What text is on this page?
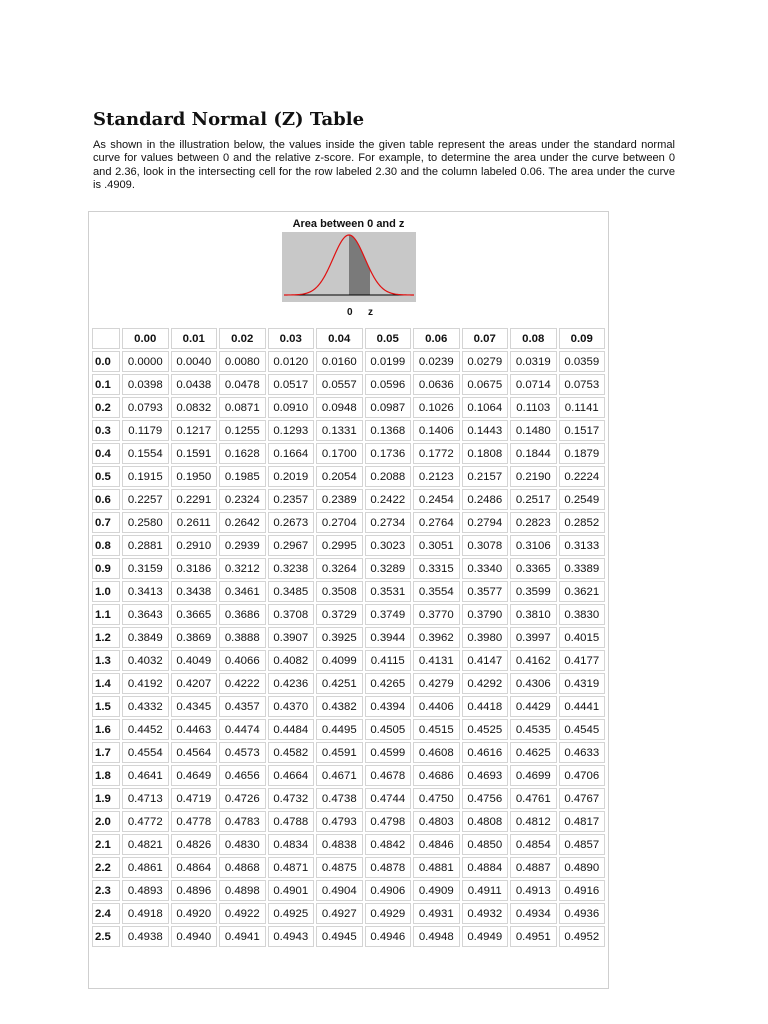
Standard Normal (Z) Table

As shown in the illustration below, the values inside the given table represent the areas under the standard normal curve for values between 0 and the relative z-score. For example, to determine the area under the curve between 0 and 2.36, look in the intersecting cell for the row labeled 2.30 and the column labeled 0.06. The area under the curve is .4909.

Area between 0 and z
0 z
	0.00	0.01	0.02	0.03	0.04	0.05	0.06	0.07	0.08	0.09
0.0	0.0000	0.0040	0.0080	0.0120	0.0160	0.0199	0.0239	0.0279	0.0319	0.0359
0.1	0.0398	0.0438	0.0478	0.0517	0.0557	0.0596	0.0636	0.0675	0.0714	0.0753
0.2	0.0793	0.0832	0.0871	0.0910	0.0948	0.0987	0.1026	0.1064	0.1103	0.1141
0.3	0.1179	0.1217	0.1255	0.1293	0.1331	0.1368	0.1406	0.1443	0.1480	0.1517
0.4	0.1554	0.1591	0.1628	0.1664	0.1700	0.1736	0.1772	0.1808	0.1844	0.1879
0.5	0.1915	0.1950	0.1985	0.2019	0.2054	0.2088	0.2123	0.2157	0.2190	0.2224
0.6	0.2257	0.2291	0.2324	0.2357	0.2389	0.2422	0.2454	0.2486	0.2517	0.2549
0.7	0.2580	0.2611	0.2642	0.2673	0.2704	0.2734	0.2764	0.2794	0.2823	0.2852
0.8	0.2881	0.2910	0.2939	0.2967	0.2995	0.3023	0.3051	0.3078	0.3106	0.3133
0.9	0.3159	0.3186	0.3212	0.3238	0.3264	0.3289	0.3315	0.3340	0.3365	0.3389
1.0	0.3413	0.3438	0.3461	0.3485	0.3508	0.3531	0.3554	0.3577	0.3599	0.3621
1.1	0.3643	0.3665	0.3686	0.3708	0.3729	0.3749	0.3770	0.3790	0.3810	0.3830
1.2	0.3849	0.3869	0.3888	0.3907	0.3925	0.3944	0.3962	0.3980	0.3997	0.4015
1.3	0.4032	0.4049	0.4066	0.4082	0.4099	0.4115	0.4131	0.4147	0.4162	0.4177
1.4	0.4192	0.4207	0.4222	0.4236	0.4251	0.4265	0.4279	0.4292	0.4306	0.4319
1.5	0.4332	0.4345	0.4357	0.4370	0.4382	0.4394	0.4406	0.4418	0.4429	0.4441
1.6	0.4452	0.4463	0.4474	0.4484	0.4495	0.4505	0.4515	0.4525	0.4535	0.4545
1.7	0.4554	0.4564	0.4573	0.4582	0.4591	0.4599	0.4608	0.4616	0.4625	0.4633
1.8	0.4641	0.4649	0.4656	0.4664	0.4671	0.4678	0.4686	0.4693	0.4699	0.4706
1.9	0.4713	0.4719	0.4726	0.4732	0.4738	0.4744	0.4750	0.4756	0.4761	0.4767
2.0	0.4772	0.4778	0.4783	0.4788	0.4793	0.4798	0.4803	0.4808	0.4812	0.4817
2.1	0.4821	0.4826	0.4830	0.4834	0.4838	0.4842	0.4846	0.4850	0.4854	0.4857
2.2	0.4861	0.4864	0.4868	0.4871	0.4875	0.4878	0.4881	0.4884	0.4887	0.4890
2.3	0.4893	0.4896	0.4898	0.4901	0.4904	0.4906	0.4909	0.4911	0.4913	0.4916
2.4	0.4918	0.4920	0.4922	0.4925	0.4927	0.4929	0.4931	0.4932	0.4934	0.4936
2.5	0.4938	0.4940	0.4941	0.4943	0.4945	0.4946	0.4948	0.4949	0.4951	0.4952
